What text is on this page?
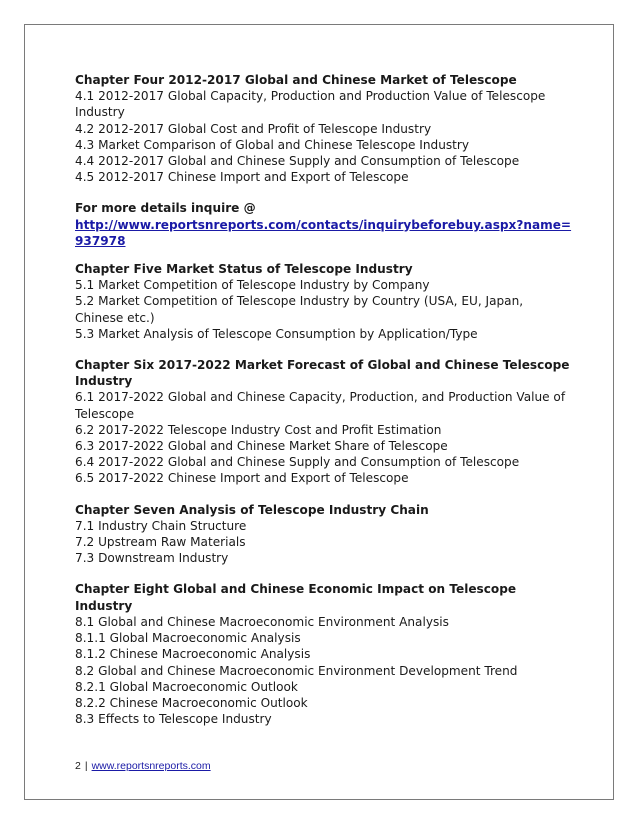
Chapter Four 2012-2017 Global and Chinese Market of Telescope

4.1 2012-2017 Global Capacity, Production and Production Value of Telescope Industry

4.2 2012-2017 Global Cost and Profit of Telescope Industry

4.3 Market Comparison of Global and Chinese Telescope Industry

4.4 2012-2017 Global and Chinese Supply and Consumption of Telescope

4.5 2012-2017 Chinese Import and Export of Telescope

For more details inquire @

http://www.reportsnreports.com/contacts/inquirybeforebuy.aspx?name=937978

Chapter Five Market Status of Telescope Industry

5.1 Market Competition of Telescope Industry by Company

5.2 Market Competition of Telescope Industry by Country (USA, EU, Japan, Chinese etc.)

5.3 Market Analysis of Telescope Consumption by Application/Type

Chapter Six 2017-2022 Market Forecast of Global and Chinese Telescope Industry

6.1 2017-2022 Global and Chinese Capacity, Production, and Production Value of Telescope

6.2 2017-2022 Telescope Industry Cost and Profit Estimation

6.3 2017-2022 Global and Chinese Market Share of Telescope

6.4 2017-2022 Global and Chinese Supply and Consumption of Telescope

6.5 2017-2022 Chinese Import and Export of Telescope

Chapter Seven Analysis of Telescope Industry Chain

7.1 Industry Chain Structure

7.2 Upstream Raw Materials

7.3 Downstream Industry

Chapter Eight Global and Chinese Economic Impact on Telescope Industry

8.1 Global and Chinese Macroeconomic Environment Analysis

8.1.1 Global Macroeconomic Analysis

8.1.2 Chinese Macroeconomic Analysis

8.2 Global and Chinese Macroeconomic Environment Development Trend

8.2.1 Global Macroeconomic Outlook

8.2.2 Chinese Macroeconomic Outlook

8.3 Effects to Telescope Industry

2 | www.reportsnreports.com
